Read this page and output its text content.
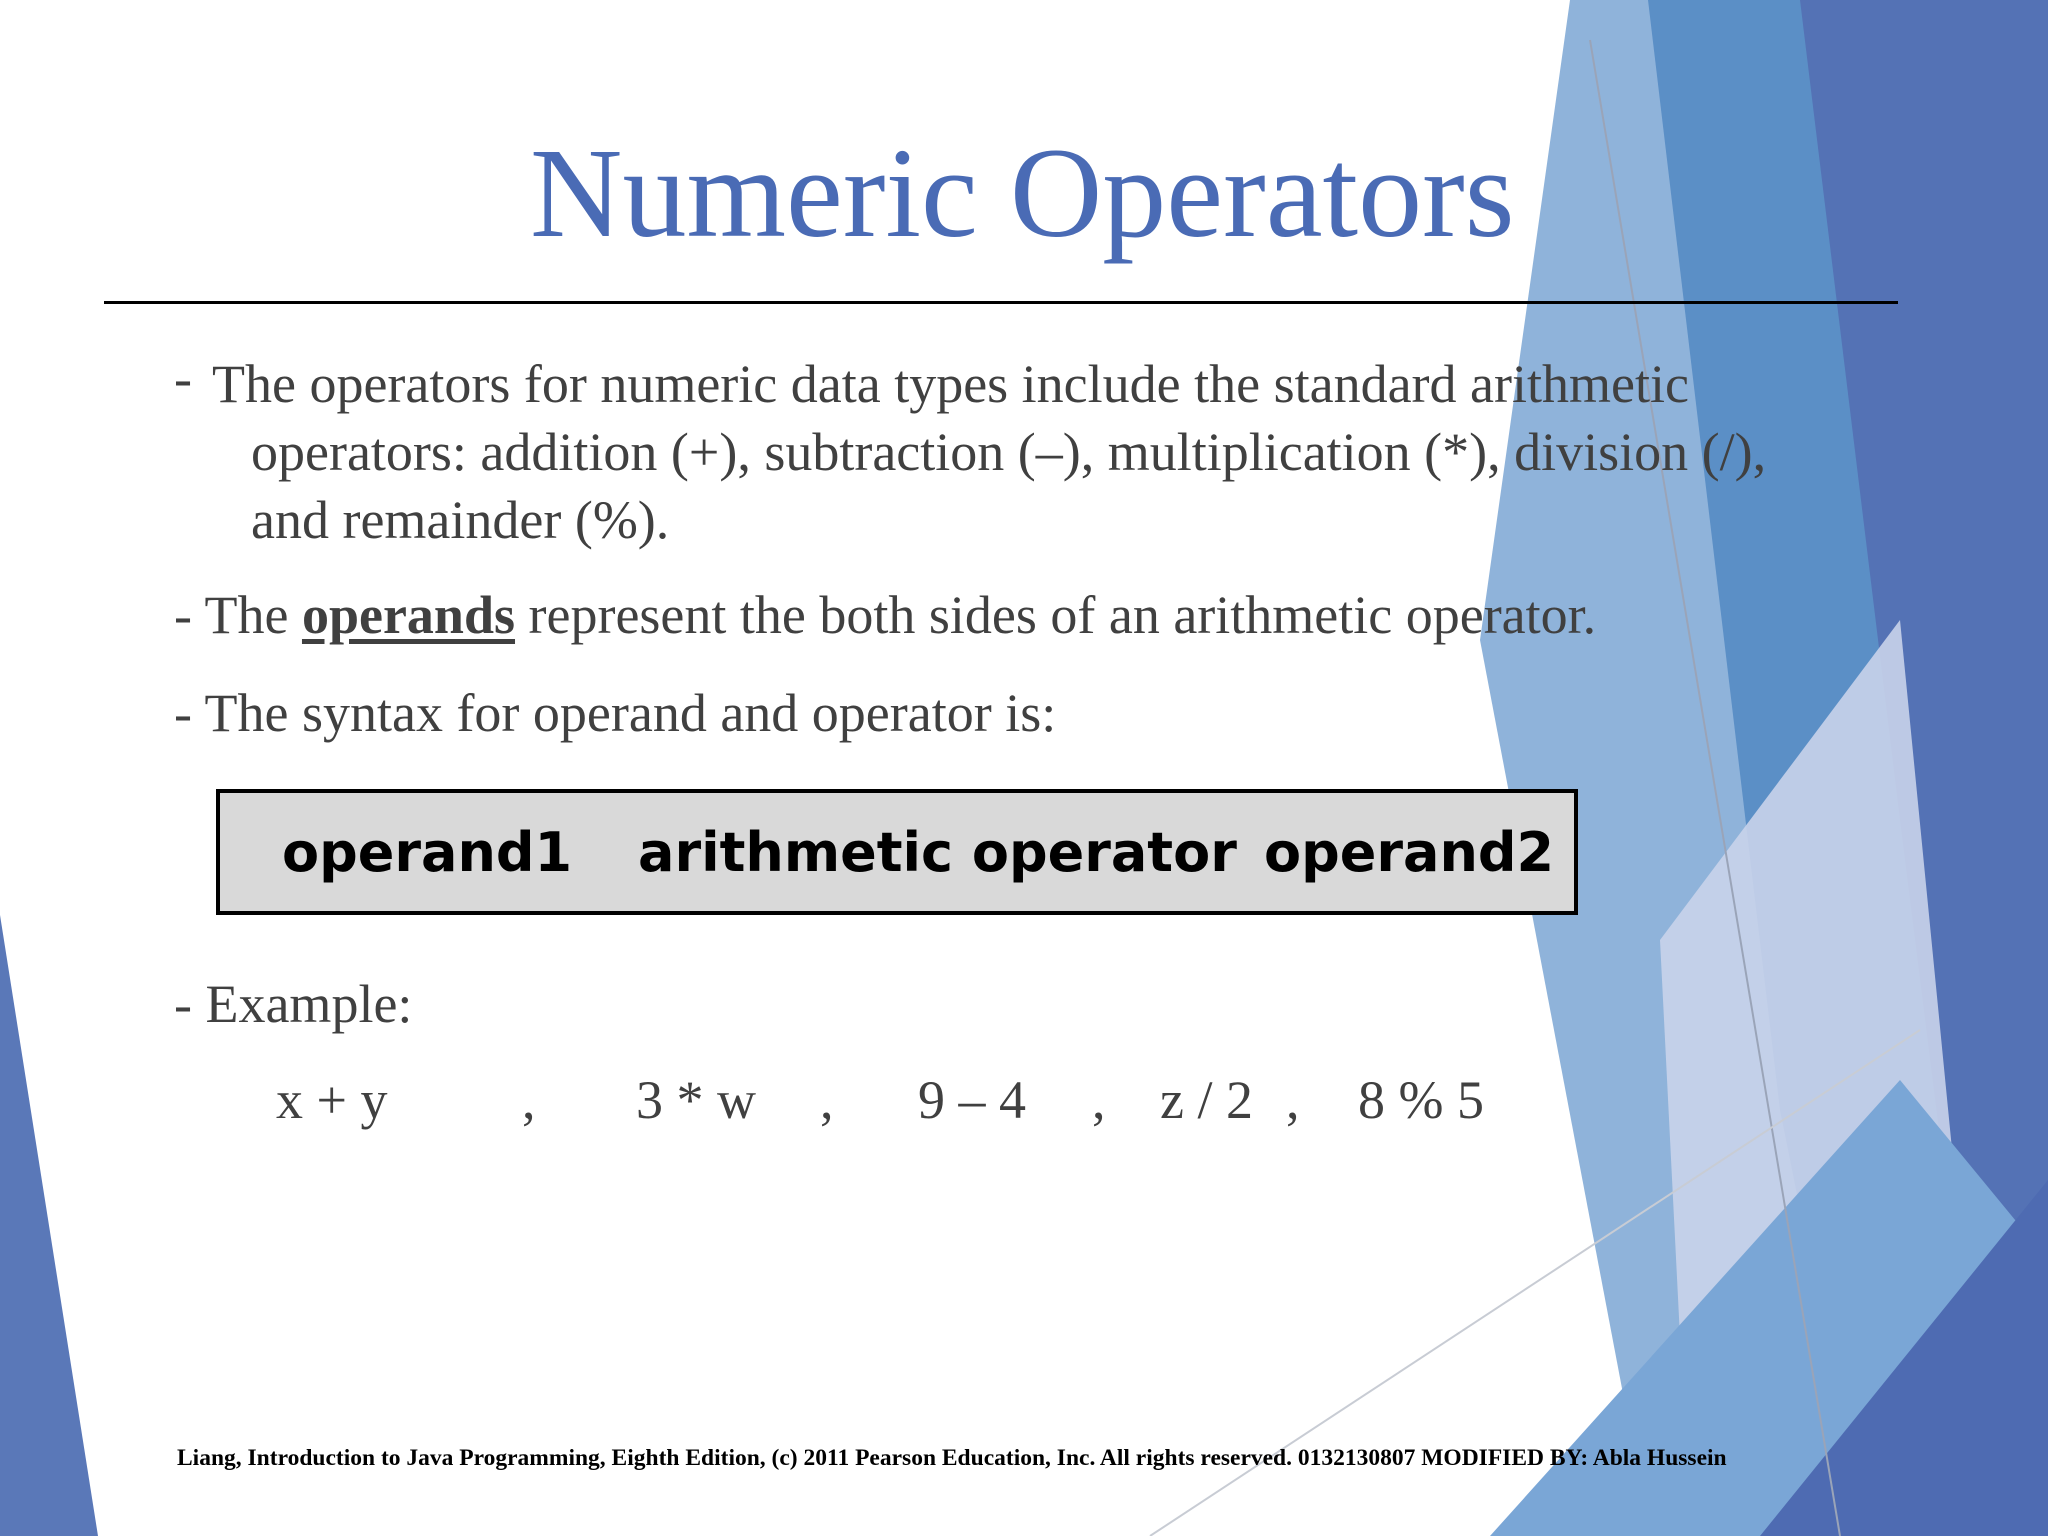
Numeric Operators
- The operators for numeric data types include the standard arithmetic
operators: addition (+), subtraction (–), multiplication (*), division (/),
and remainder (%).
- The operands represent the both sides of an arithmetic operator.
- The syntax for operand and operator is:
operand1 arithmetic operator operand2
- Example:
x + y , 3 * w , 9 – 4 , z / 2 , 8 % 5
Liang, Introduction to Java Programming, Eighth Edition, (c) 2011 Pearson Education, Inc. All rights reserved. 0132130807 MODIFIED BY: Abla Hussein
